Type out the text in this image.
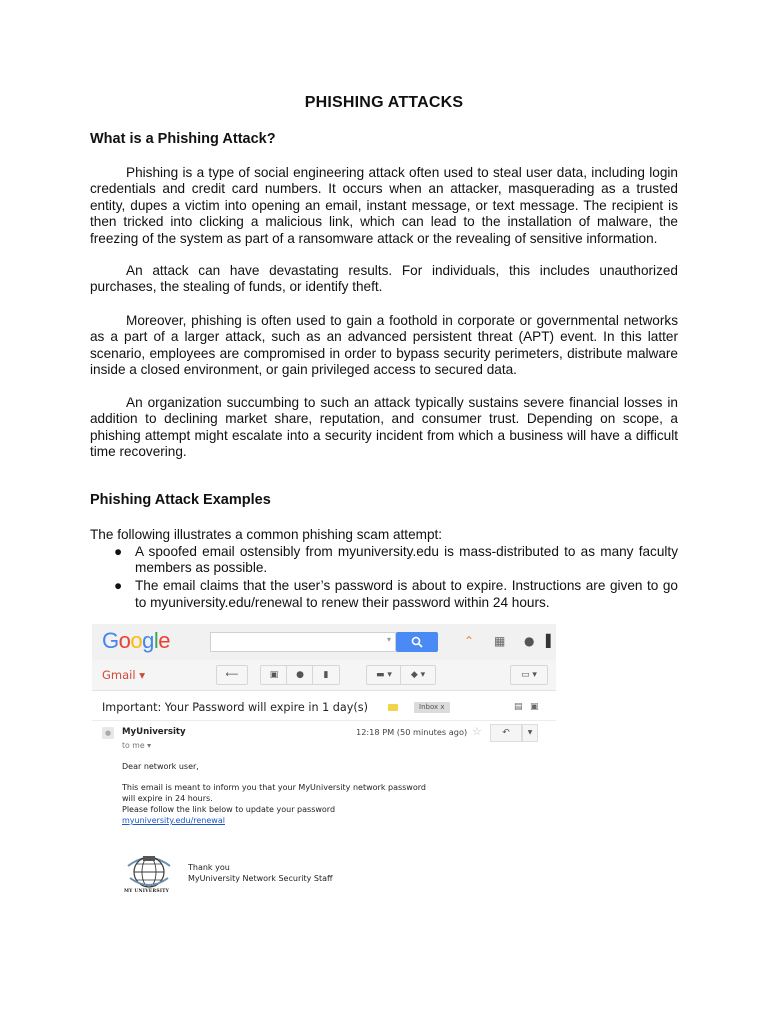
PHISHING ATTACKS
What is a Phishing Attack?

Phishing is a type of social engineering attack often used to steal user data, including login credentials and credit card numbers. It occurs when an attacker, masquerading as a trusted entity, dupes a victim into opening an email, instant message, or text message. The recipient is then tricked into clicking a malicious link, which can lead to the installation of malware, the freezing of the system as part of a ransomware attack or the revealing of sensitive information.

An attack can have devastating results. For individuals, this includes unauthorized purchases, the stealing of funds, or identify theft.

Moreover, phishing is often used to gain a foothold in corporate or governmental networks as a part of a larger attack, such as an advanced persistent threat (APT) event. In this latter scenario, employees are compromised in order to bypass security perimeters, distribute malware inside a closed environment, or gain privileged access to secured data.

An organization succumbing to such an attack typically sustains severe financial losses in addition to declining market share, reputation, and consumer trust. Depending on scope, a phishing attempt might escalate into a security incident from which a business will have a difficult time recovering.

Phishing Attack Examples

The following illustrates a common phishing scam attempt:

● A spoofed email ostensibly from myuniversity.edu is mass-distributed to as many faculty members as possible.
● The email claims that the user’s password is about to expire. Instructions are given to go to myuniversity.edu/renewal to renew their password within 24 hours.
Google	▾	⌃ ▦ ● ▌
Gmail ▾	⟵	▣	●	▮	▬ ▾	◆ ▾	▭ ▾
Important: Your Password will expire in 1 day(s)	Inbox x	▤ ▣
●	MyUniversity
to me ▾
12:18 PM (50 minutes ago) ☆	↶	▼
Dear network user,
This email is meant to inform you that your MyUniversity network password
will expire in 24 hours.
Please follow the link below to update your password
myuniversity.edu/renewal
MY UNIVERSITY
Thank you
MyUniversity Network Security Staff
